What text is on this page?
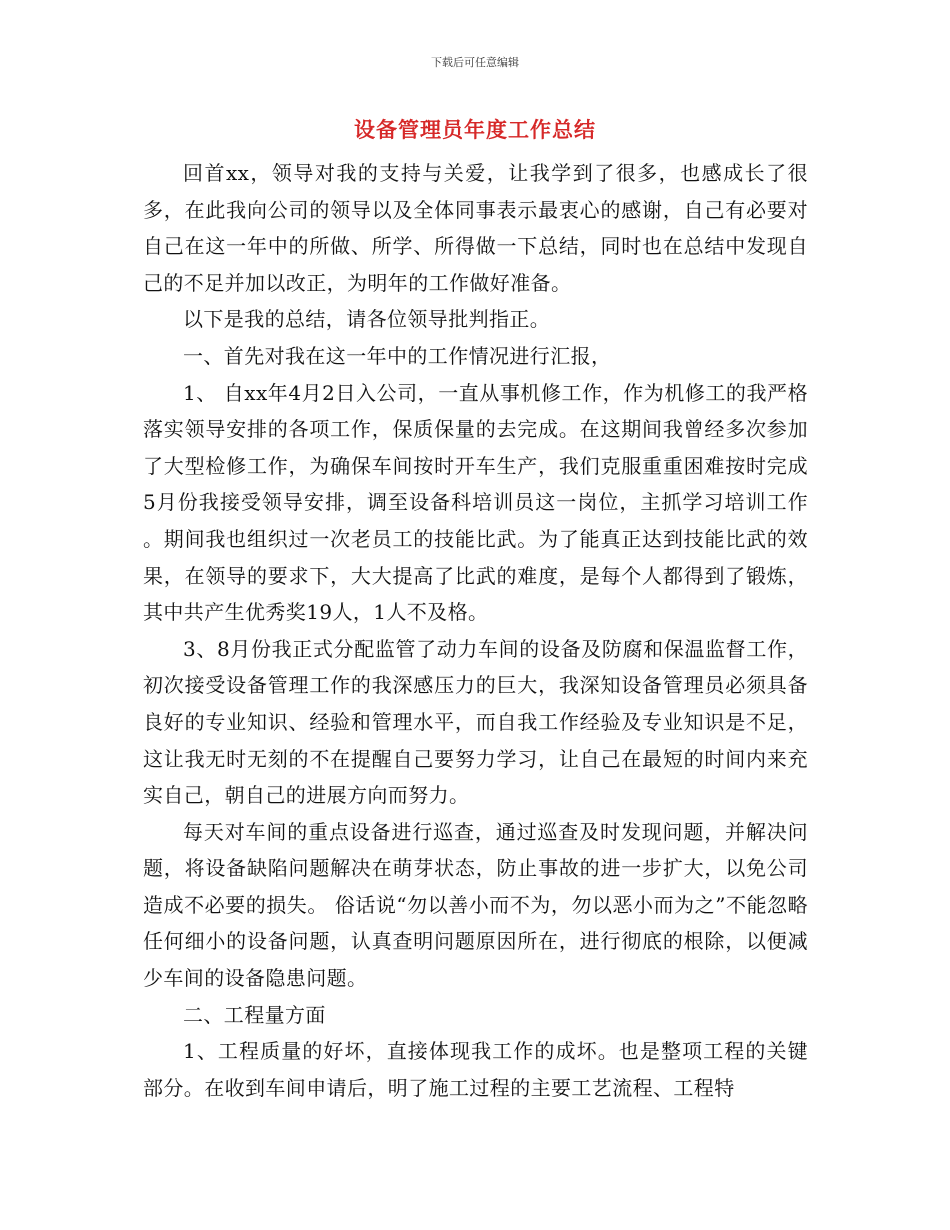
下载后可任意编辑
设备管理员年度工作总结

回首xx，领导对我的支持与关爱，让我学到了很多，也感成长了很多，在此我向公司的领导以及全体同事表示最衷心的感谢，自己有必要对自己在这一年中的所做、所学、所得做一下总结，同时也在总结中发现自己的不足并加以改正，为明年的工作做好准备。

以下是我的总结，请各位领导批判指正。

一、首先对我在这一年中的工作情况进行汇报，

1、 自xx年4月2日入公司，一直从事机修工作，作为机修工的我严格落实领导安排的各项工作，保质保量的去完成。在这期间我曾经多次参加了大型检修工作，为确保车间按时开车生产，我们克服重重困难按时完成 5月份我接受领导安排，调至设备科培训员这一岗位，主抓学习培训工作 。期间我也组织过一次老员工的技能比武。为了能真正达到技能比武的效果，在领导的要求下，大大提高了比武的难度，是每个人都得到了锻炼，其中共产生优秀奖19人，1人不及格。

3、8月份我正式分配监管了动力车间的设备及防腐和保温监督工作，初次接受设备管理工作的我深感压力的巨大，我深知设备管理员必须具备良好的专业知识、经验和管理水平，而自我工作经验及专业知识是不足，这让我无时无刻的不在提醒自己要努力学习，让自己在最短的时间内来充实自己，朝自己的进展方向而努力。

每天对车间的重点设备进行巡查，通过巡查及时发现问题，并解决问题，将设备缺陷问题解决在萌芽状态，防止事故的进一步扩大，以免公司造成不必要的损失。 俗话说“勿以善小而不为，勿以恶小而为之”不能忽略任何细小的设备问题，认真查明问题原因所在，进行彻底的根除，以便减少车间的设备隐患问题。

二、工程量方面

1、工程质量的好坏，直接体现我工作的成坏。也是整项工程的关键部分。在收到车间申请后，明了施工过程的主要工艺流程、工程特
